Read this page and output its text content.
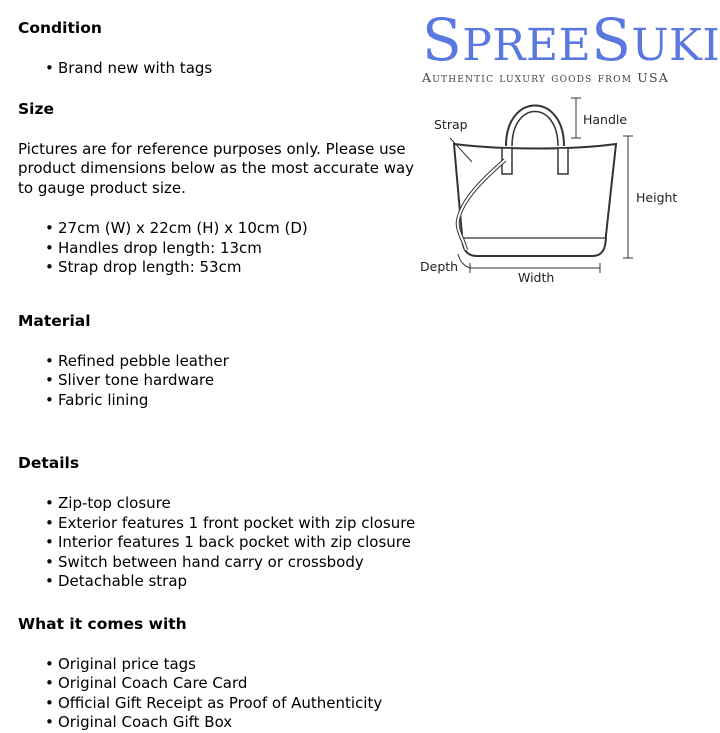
Condition
• Brand new with tags
Size

Pictures are for reference purposes only. Please use product dimensions below as the most accurate way to gauge product size.

• 27cm (W) x 22cm (H) x 10cm (D)
• Handles drop length: 13cm
• Strap drop length: 53cm
Material
• Refined pebble leather
• Sliver tone hardware
• Fabric lining
Details
• Zip-top closure
• Exterior features 1 front pocket with zip closure
• Interior features 1 back pocket with zip closure
• Switch between hand carry or crossbody
• Detachable strap
What it comes with
• Original price tags
• Original Coach Care Card
• Official Gift Receipt as Proof of Authenticity
• Original Coach Gift Box
SPREESUKI
Authentic luxury goods from USA
Strap	Handle
Height
Depth
Width
